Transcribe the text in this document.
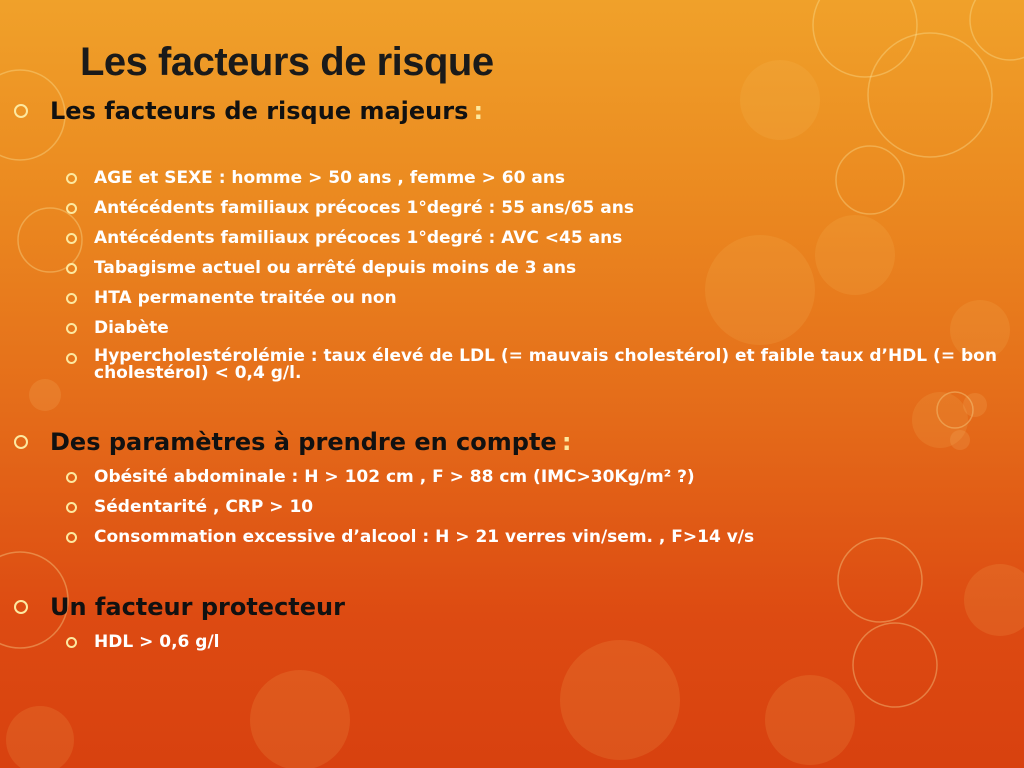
Les facteurs de risque
Les facteurs de risque majeurs :
AGE et SEXE : homme > 50 ans , femme > 60 ans
Antécédents familiaux précoces 1°degré : 55 ans/65 ans
Antécédents familiaux précoces 1°degré : AVC <45 ans
Tabagisme actuel ou arrêté depuis moins de 3 ans
HTA permanente traitée ou non
Diabète
Hypercholestérolémie : taux élevé de LDL (= mauvais cholestérol) et faible taux d’HDL (= bon cholestérol) < 0,4 g/l.
Des paramètres à prendre en compte :
Obésité abdominale : H > 102 cm , F > 88 cm (IMC>30Kg/m² ?)
Sédentarité , CRP > 10
Consommation excessive d’alcool : H > 21 verres vin/sem. , F>14 v/s
Un facteur protecteur
HDL > 0,6 g/l
